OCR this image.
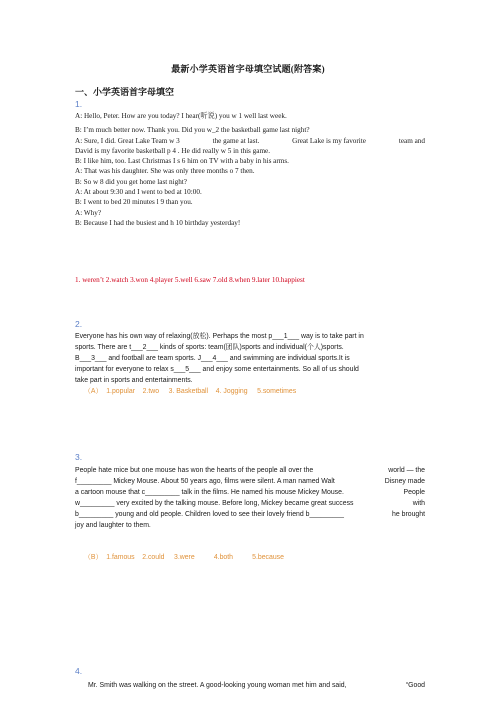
最新小学英语首字母填空试题(附答案)
一、小学英语首字母填空
1.
A: Hello, Peter. How are you today? I hear(听说) you w 1 well last week.
B: I’m much better now. Thank you. Did you w_2 the basketball game last night?
A: Sure, I did. Great Lake Team w 3	the game at last.	Great Lake is my favorite	team and
David is my favorite basketball p 4 . He did really w 5 in this game.
B: I like him, too. Last Christmas I s 6 him on TV with a baby in his arms.
A: That was his daughter. She was only three months o 7 then.
B: So w 8 did you get home last night?
A: At about 9:30 and I went to bed at 10:00.
B: I went to bed 20 minutes l 9 than you.
A: Why?
B: Because I had the busiest and h 10 birthday yesterday!
1. weren’t 2.watch 3.won 4.player 5.well 6.saw 7.old 8.when 9.later 10.happiest
2.
Everyone has his own way of relaxing(放松). Perhaps the most p___1___ way is to take part in
sports. There are t___2___ kinds of sports: team(团队)sports and individual(个人)sports.
B___3___ and football are team sports. J___4___ and swimming are individual sports.It is
important for everyone to relax s___5___ and enjoy some entertainments. So all of us should
take part in sports and entertainments.
（A）  1.popular    2.two     3. Basketball    4. Jogging     5.sometimes
3.
People hate mice but one mouse has won the hearts of the people all over the	world — the
f_________ Mickey Mouse. About 50 years ago, films were silent. A man named Walt	Disney made
a cartoon mouse that c_________ talk in the films. He named his mouse Mickey Mouse.	People
w_________ very excited by the talking mouse. Before long, Mickey became great success	with
b_________ young and old people. Children loved to see their lovely friend b_________	he brought
joy and laughter to them.
（B）  1.famous    2.could     3.were          4.both          5.because
4.
Mr. Smith was walking on the street. A good-looking young woman met him and said,	“Good
